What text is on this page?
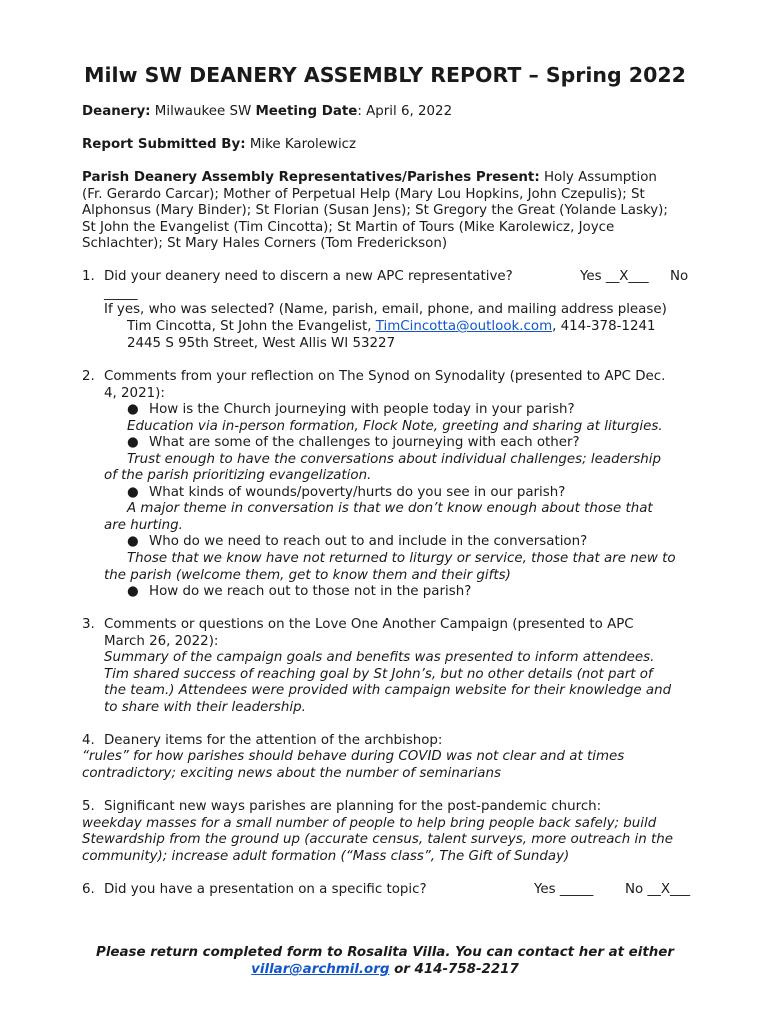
Milw SW DEANERY ASSEMBLY REPORT – Spring 2022
Deanery: Milwaukee SW Meeting Date: April 6, 2022
Report Submitted By: Mike Karolewicz
Parish Deanery Assembly Representatives/Parishes Present: Holy Assumption
(Fr. Gerardo Carcar); Mother of Perpetual Help (Mary Lou Hopkins, John Czepulis); St
Alphonsus (Mary Binder); St Florian (Susan Jens); St Gregory the Great (Yolande Lasky);
St John the Evangelist (Tim Cincotta); St Martin of Tours (Mike Karolewicz, Joyce
Schlachter); St Mary Hales Corners (Tom Frederickson)
1. Did your deanery need to discern a new APC representative?	Yes __X___ No
_____
If yes, who was selected? (Name, parish, email, phone, and mailing address please)
Tim Cincotta, St John the Evangelist, TimCincotta@outlook.com, 414-378-1241
2445 S 95th Street, West Allis WI 53227
2. Comments from your reflection on The Synod on Synodality (presented to APC Dec.
4, 2021):
● How is the Church journeying with people today in your parish?
Education via in-person formation, Flock Note, greeting and sharing at liturgies.
● What are some of the challenges to journeying with each other?
Trust enough to have the conversations about individual challenges; leadership
of the parish prioritizing evangelization.
● What kinds of wounds/poverty/hurts do you see in our parish?
A major theme in conversation is that we don’t know enough about those that
are hurting.
● Who do we need to reach out to and include in the conversation?
Those that we know have not returned to liturgy or service, those that are new to
the parish (welcome them, get to know them and their gifts)
● How do we reach out to those not in the parish?
3. Comments or questions on the Love One Another Campaign (presented to APC
March 26, 2022):
Summary of the campaign goals and benefits was presented to inform attendees.
Tim shared success of reaching goal by St John’s, but no other details (not part of
the team.) Attendees were provided with campaign website for their knowledge and
to share with their leadership.
4. Deanery items for the attention of the archbishop:
“rules” for how parishes should behave during COVID was not clear and at times
contradictory; exciting news about the number of seminarians
5. Significant new ways parishes are planning for the post-pandemic church:
weekday masses for a small number of people to help bring people back safely; build
Stewardship from the ground up (accurate census, talent surveys, more outreach in the
community); increase adult formation (“Mass class”, The Gift of Sunday)
6. Did you have a presentation on a specific topic?	Yes _____ No __X___
Please return completed form to Rosalita Villa. You can contact her at either
villar@archmil.org or 414-758-2217
